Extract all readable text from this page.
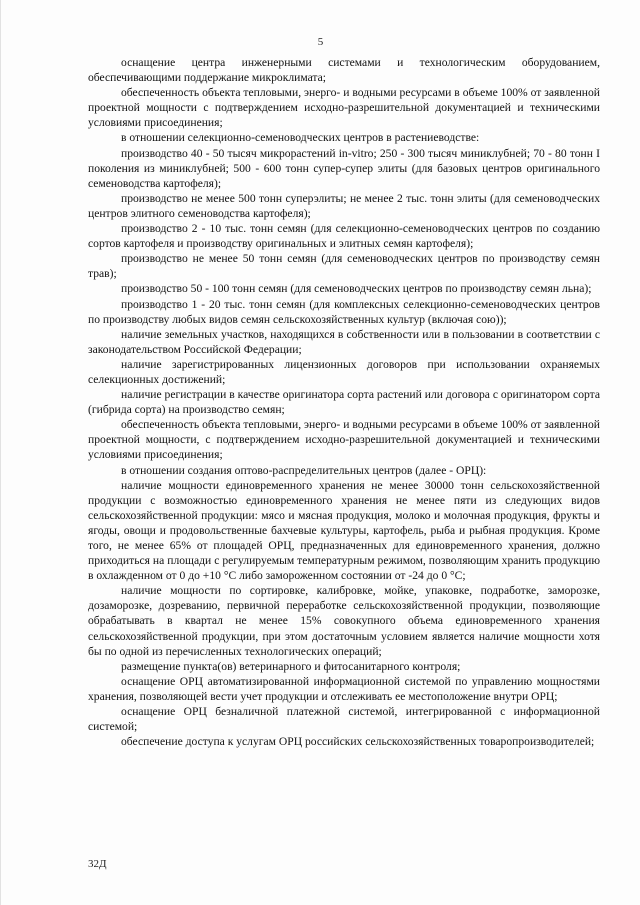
5

оснащение центра инженерными системами и технологическим оборудованием, обеспечивающими поддержание микроклимата;

обеспеченность объекта тепловыми, энерго- и водными ресурсами в объеме 100% от заявленной проектной мощности с подтверждением исходно-разрешительной документацией и техническими условиями присоединения;

в отношении селекционно-семеноводческих центров в растениеводстве:

производство 40 - 50 тысяч микрорастений in-vitro; 250 - 300 тысяч миниклубней; 70 - 80 тонн I поколения из миниклубней; 500 - 600 тонн супер-супер элиты (для базовых центров оригинального семеноводства картофеля);

производство не менее 500 тонн суперэлиты; не менее 2 тыс. тонн элиты (для семеноводческих центров элитного семеноводства картофеля);

производство 2 - 10 тыс. тонн семян (для селекционно-семеноводческих центров по созданию сортов картофеля и производству оригинальных и элитных семян картофеля);

производство не менее 50 тонн семян (для семеноводческих центров по производству семян трав);

производство 50 - 100 тонн семян (для семеноводческих центров по производству семян льна);

производство 1 - 20 тыс. тонн семян (для комплексных селекционно-семеноводческих центров по производству любых видов семян сельскохозяйственных культур (включая сою));

наличие земельных участков, находящихся в собственности или в пользовании в соответствии с законодательством Российской Федерации;

наличие зарегистрированных лицензионных договоров при использовании охраняемых селекционных достижений;

наличие регистрации в качестве оригинатора сорта растений или договора с оригинатором сорта (гибрида сорта) на производство семян;

обеспеченность объекта тепловыми, энерго- и водными ресурсами в объеме 100% от заявленной проектной мощности, с подтверждением исходно-разрешительной документацией и техническими условиями присоединения;

в отношении создания оптово-распределительных центров (далее - ОРЦ):

наличие мощности единовременного хранения не менее 30000 тонн сельскохозяйственной продукции с возможностью единовременного хранения не менее пяти из следующих видов сельскохозяйственной продукции: мясо и мясная продукция, молоко и молочная продукция, фрукты и ягоды, овощи и продовольственные бахчевые культуры, картофель, рыба и рыбная продукция. Кроме того, не менее 65% от площадей ОРЦ, предназначенных для единовременного хранения, должно приходиться на площади с регулируемым температурным режимом, позволяющим хранить продукцию в охлажденном от 0 до +10 °С либо замороженном состоянии от -24 до 0 °С;

наличие мощности по сортировке, калибровке, мойке, упаковке, подработке, заморозке, дозаморозке, дозреванию, первичной переработке сельскохозяйственной продукции, позволяющие обрабатывать в квартал не менее 15% совокупного объема единовременного хранения сельскохозяйственной продукции, при этом достаточным условием является наличие мощности хотя бы по одной из перечисленных технологических операций;

размещение пункта(ов) ветеринарного и фитосанитарного контроля;

оснащение ОРЦ автоматизированной информационной системой по управлению мощностями хранения, позволяющей вести учет продукции и отслеживать ее местоположение внутри ОРЦ;

оснащение ОРЦ безналичной платежной системой, интегрированной с информационной системой;

обеспечение доступа к услугам ОРЦ российских сельскохозяйственных товаропроизводителей;

32Д
